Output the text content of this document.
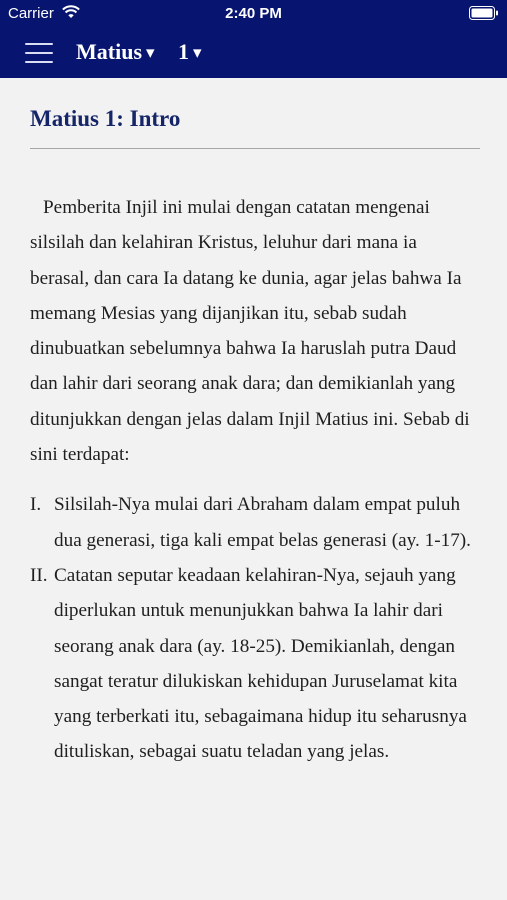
Carrier	2:40 PM
Matius ▾ 1 ▾
Matius 1: Intro
Pemberita Injil ini mulai dengan catatan mengenai silsilah dan kelahiran Kristus, leluhur dari mana ia berasal, dan cara Ia datang ke dunia, agar jelas bahwa Ia memang Mesias yang dijanjikan itu, sebab sudah dinubuatkan sebelumnya bahwa Ia haruslah putra Daud dan lahir dari seorang anak dara; dan demikianlah yang ditunjukkan dengan jelas dalam Injil Matius ini. Sebab di sini terdapat:
I. Silsilah-Nya mulai dari Abraham dalam empat puluh dua generasi, tiga kali empat belas generasi (ay. 1-17).
II. Catatan seputar keadaan kelahiran-Nya, sejauh yang diperlukan untuk menunjukkan bahwa Ia lahir dari seorang anak dara (ay. 18-25). Demikianlah, dengan sangat teratur dilukiskan kehidupan Juruselamat kita yang terberkati itu, sebagaimana hidup itu seharusnya dituliskan, sebagai suatu teladan yang jelas.
